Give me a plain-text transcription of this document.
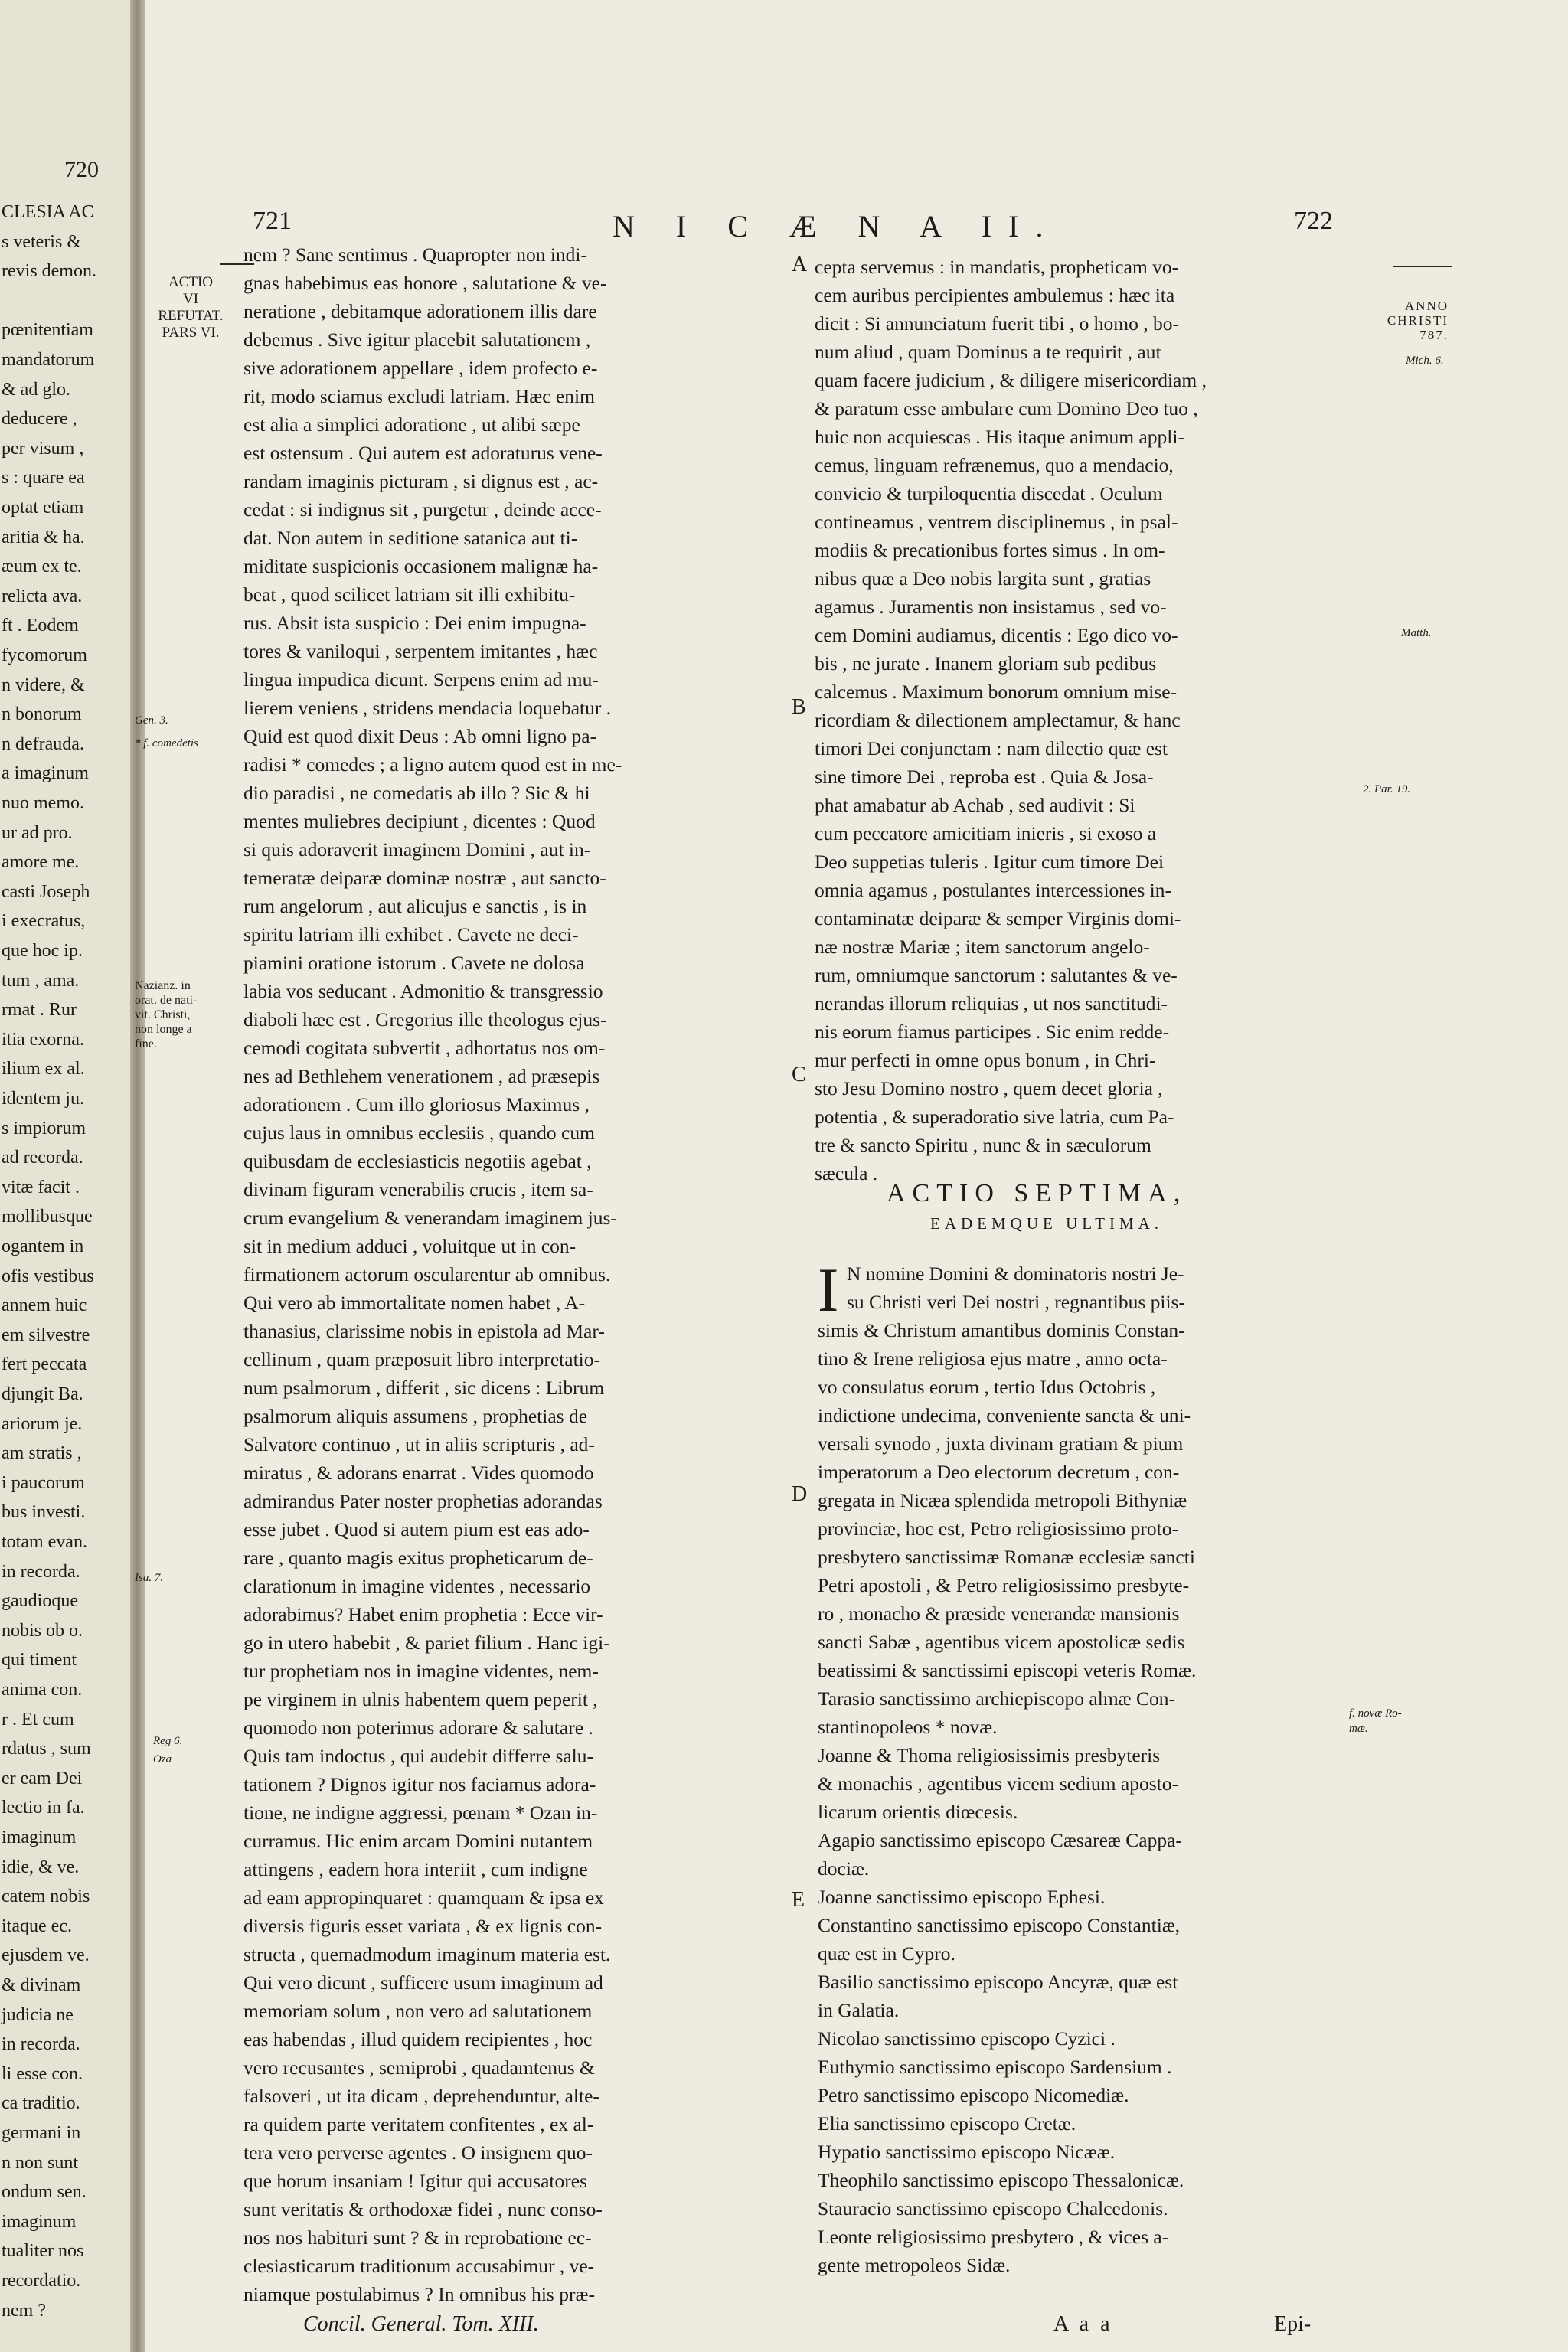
720
CLESIA AC
s veteris &
revis demon.
pœnitentiam
mandatorum
& ad glo.
deducere ,
per visum ,
s : quare ea
optat etiam
aritia & ha.
æum ex te.
relicta ava.
ft . Eodem
fycomorum
n videre, &
n bonorum
n defrauda.
a imaginum
nuo memo.
ur ad pro.
amore me.
casti Joseph
i execratus,
que hoc ip.
tum , ama.
rmat . Rur
itia exorna.
ilium ex al.
identem ju.
s impiorum
ad recorda.
vitæ facit .
mollibusque
ogantem in
ofis vestibus
annem huic
em silvestre
fert peccata
djungit Ba.
ariorum je.
am stratis ,
i paucorum
bus investi.
totam evan.
in recorda.
gaudioque
nobis ob o.
qui timent
anima con.
r . Et cum
rdatus , sum
er eam Dei
lectio in fa.
imaginum
idie, & ve.
catem nobis
itaque ec.
ejusdem ve.
& divinam
judicia ne
in recorda.
li esse con.
ca traditio.
germani in
n non sunt
ondum sen.
imaginum
tualiter nos
recordatio.
nem ?
721	N I C Æ N A II.	722
ACTIO
VI
REFUTAT.
PARS VI.
Gen. 3.
* f. comedetis
Nazianz. in
orat. de nati-
vit. Christi,
non longe a
fine.
Isa. 7.
Reg 6.
Oza
ANNO
CHRISTI
787.
Mich. 6.
Matth.
2. Par. 19.
f. novæ Ro-
mæ.
A
B
C
D
E
nem ? Sane sentimus . Quapropter non indi-
gnas habebimus eas honore , salutatione & ve-
neratione , debitamque adorationem illis dare
debemus . Sive igitur placebit salutationem ,
sive adorationem appellare , idem profecto e-
rit, modo sciamus excludi latriam. Hæc enim
est alia a simplici adoratione , ut alibi sæpe
est ostensum . Qui autem est adoraturus vene-
randam imaginis picturam , si dignus est , ac-
cedat : si indignus sit , purgetur , deinde acce-
dat. Non autem in seditione satanica aut ti-
miditate suspicionis occasionem malignæ ha-
beat , quod scilicet latriam sit illi exhibitu-
rus. Absit ista suspicio : Dei enim impugna-
tores & vaniloqui , serpentem imitantes , hæc
lingua impudica dicunt. Serpens enim ad mu-
lierem veniens , stridens mendacia loquebatur .
Quid est quod dixit Deus : Ab omni ligno pa-
radisi * comedes ; a ligno autem quod est in me-
dio paradisi , ne comedatis ab illo ? Sic & hi
mentes muliebres decipiunt , dicentes : Quod
si quis adoraverit imaginem Domini , aut in-
temeratæ deiparæ dominæ nostræ , aut sancto-
rum angelorum , aut alicujus e sanctis , is in
spiritu latriam illi exhibet . Cavete ne deci-
piamini oratione istorum . Cavete ne dolosa
labia vos seducant . Admonitio & transgressio
diaboli hæc est . Gregorius ille theologus ejus-
cemodi cogitata subvertit , adhortatus nos om-
nes ad Bethlehem venerationem , ad præsepis
adorationem . Cum illo gloriosus Maximus ,
cujus laus in omnibus ecclesiis , quando cum
quibusdam de ecclesiasticis negotiis agebat ,
divinam figuram venerabilis crucis , item sa-
crum evangelium & venerandam imaginem jus-
sit in medium adduci , voluitque ut in con-
firmationem actorum oscularentur ab omnibus.
Qui vero ab immortalitate nomen habet , A-
thanasius, clarissime nobis in epistola ad Mar-
cellinum , quam præposuit libro interpretatio-
num psalmorum , differit , sic dicens : Librum
psalmorum aliquis assumens , prophetias de
Salvatore continuo , ut in aliis scripturis , ad-
miratus , & adorans enarrat . Vides quomodo
admirandus Pater noster prophetias adorandas
esse jubet . Quod si autem pium est eas ado-
rare , quanto magis exitus propheticarum de-
clarationum in imagine videntes , necessario
adorabimus? Habet enim prophetia : Ecce vir-
go in utero habebit , & pariet filium . Hanc igi-
tur prophetiam nos in imagine videntes, nem-
pe virginem in ulnis habentem quem peperit ,
quomodo non poterimus adorare & salutare .
Quis tam indoctus , qui audebit differre salu-
tationem ? Dignos igitur nos faciamus adora-
tione, ne indigne aggressi, pœnam * Ozan in-
curramus. Hic enim arcam Domini nutantem
attingens , eadem hora interiit , cum indigne
ad eam appropinquaret : quamquam & ipsa ex
diversis figuris esset variata , & ex lignis con-
structa , quemadmodum imaginum materia est.
Qui vero dicunt , sufficere usum imaginum ad
memoriam solum , non vero ad salutationem
eas habendas , illud quidem recipientes , hoc
vero recusantes , semiprobi , quadamtenus &
falsoveri , ut ita dicam , deprehenduntur, alte-
ra quidem parte veritatem confitentes , ex al-
tera vero perverse agentes . O insignem quo-
que horum insaniam ! Igitur qui accusatores
sunt veritatis & orthodoxæ fidei , nunc conso-
nos nos habituri sunt ? & in reprobatione ec-
clesiasticarum traditionum accusabimur , ve-
niamque postulabimus ? In omnibus his præ-
cepta servemus : in mandatis, propheticam vo-
cem auribus percipientes ambulemus : hæc ita
dicit : Si annunciatum fuerit tibi , o homo , bo-
num aliud , quam Dominus a te requirit , aut
quam facere judicium , & diligere misericordiam ,
& paratum esse ambulare cum Domino Deo tuo ,
huic non acquiescas . His itaque animum appli-
cemus, linguam refrænemus, quo a mendacio,
convicio & turpiloquentia discedat . Oculum
contineamus , ventrem disciplinemus , in psal-
modiis & precationibus fortes simus . In om-
nibus quæ a Deo nobis largita sunt , gratias
agamus . Juramentis non insistamus , sed vo-
cem Domini audiamus, dicentis : Ego dico vo-
bis , ne jurate . Inanem gloriam sub pedibus
calcemus . Maximum bonorum omnium mise-
ricordiam & dilectionem amplectamur, & hanc
timori Dei conjunctam : nam dilectio quæ est
sine timore Dei , reproba est . Quia & Josa-
phat amabatur ab Achab , sed audivit : Si
cum peccatore amicitiam inieris , si exoso a
Deo suppetias tuleris . Igitur cum timore Dei
omnia agamus , postulantes intercessiones in-
contaminatæ deiparæ & semper Virginis domi-
næ nostræ Mariæ ; item sanctorum angelo-
rum, omniumque sanctorum : salutantes & ve-
nerandas illorum reliquias , ut nos sanctitudi-
nis eorum fiamus participes . Sic enim redde-
mur perfecti in omne opus bonum , in Chri-
sto Jesu Domino nostro , quem decet gloria ,
potentia , & superadoratio sive latria, cum Pa-
tre & sancto Spiritu , nunc & in sæculorum
sæcula .
ACTIO SEPTIMA,
EADEMQUE ULTIMA.
I N nomine Domini & dominatoris nostri Je-
su Christi veri Dei nostri , regnantibus piis-
simis & Christum amantibus dominis Constan-
tino & Irene religiosa ejus matre , anno octa-
vo consulatus eorum , tertio Idus Octobris ,
indictione undecima, conveniente sancta & uni-
versali synodo , juxta divinam gratiam & pium
imperatorum a Deo electorum decretum , con-
gregata in Nicæa splendida metropoli Bithyniæ
provinciæ, hoc est, Petro religiosissimo proto-
presbytero sanctissimæ Romanæ ecclesiæ sancti
Petri apostoli , & Petro religiosissimo presbyte-
ro , monacho & præside venerandæ mansionis
sancti Sabæ , agentibus vicem apostolicæ sedis
beatissimi & sanctissimi episcopi veteris Romæ.
Tarasio sanctissimo archiepiscopo almæ Con-
stantinopoleos * novæ.
Joanne & Thoma religiosissimis presbyteris
& monachis , agentibus vicem sedium aposto-
licarum orientis diœcesis.
Agapio sanctissimo episcopo Cæsareæ Cappa-
dociæ.
Joanne sanctissimo episcopo Ephesi.
Constantino sanctissimo episcopo Constantiæ,
quæ est in Cypro.
Basilio sanctissimo episcopo Ancyræ, quæ est
in Galatia.
Nicolao sanctissimo episcopo Cyzici .
Euthymio sanctissimo episcopo Sardensium .
Petro sanctissimo episcopo Nicomediæ.
Elia sanctissimo episcopo Cretæ.
Hypatio sanctissimo episcopo Nicææ.
Theophilo sanctissimo episcopo Thessalonicæ.
Stauracio sanctissimo episcopo Chalcedonis.
Leonte religiosissimo presbytero , & vices a-
gente metropoleos Sidæ.
Concil. General. Tom. XIII.	A a a	Epi-
